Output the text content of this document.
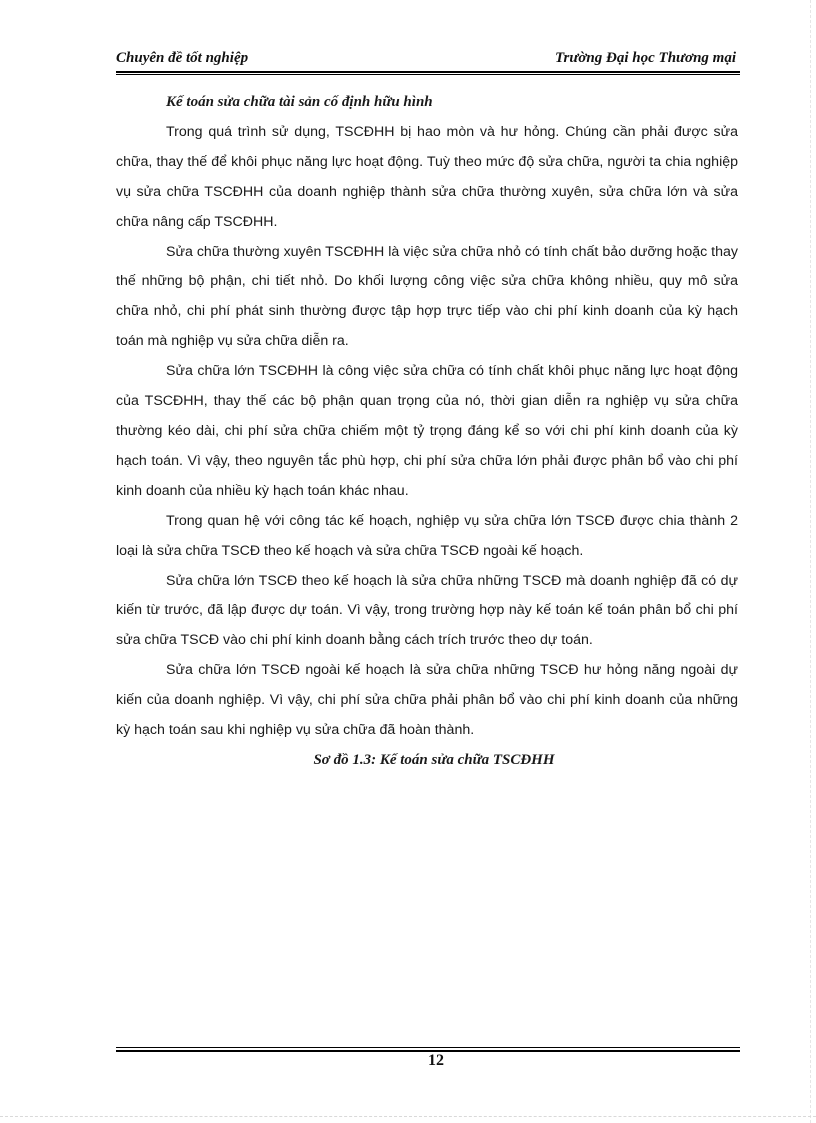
Chuyên đề tốt nghiệp	Trường Đại học Thương mại

Kế toán sửa chữa tài sản cố định hữu hình

Trong quá trình sử dụng, TSCĐHH bị hao mòn và hư hỏng. Chúng cần phải được sửa chữa, thay thế để khôi phục năng lực hoạt động. Tuỳ theo mức độ sửa chữa, người ta chia nghiệp vụ sửa chữa TSCĐHH của doanh nghiệp thành sửa chữa thường xuyên, sửa chữa lớn và sửa chữa nâng cấp TSCĐHH.

Sửa chữa thường xuyên TSCĐHH là việc sửa chữa nhỏ có tính chất bảo dưỡng hoặc thay thế những bộ phận, chi tiết nhỏ. Do khối lượng công việc sửa chữa không nhiều, quy mô sửa chữa nhỏ, chi phí phát sinh thường được tập hợp trực tiếp vào chi phí kinh doanh của kỳ hạch toán mà nghiệp vụ sửa chữa diễn ra.

Sửa chữa lớn TSCĐHH là công việc sửa chữa có tính chất khôi phục năng lực hoạt động của TSCĐHH, thay thế các bộ phận quan trọng của nó, thời gian diễn ra nghiệp vụ sửa chữa thường kéo dài, chi phí sửa chữa chiếm một tỷ trọng đáng kể so với chi phí kinh doanh của kỳ hạch toán. Vì vậy, theo nguyên tắc phù hợp, chi phí sửa chữa lớn phải được phân bổ vào chi phí kinh doanh của nhiều kỳ hạch toán khác nhau.

Trong quan hệ với công tác kế hoạch, nghiệp vụ sửa chữa lớn TSCĐ được chia thành 2 loại là sửa chữa TSCĐ theo kế hoạch và sửa chữa TSCĐ ngoài kế hoạch.

Sửa chữa lớn TSCĐ theo kế hoạch là sửa chữa những TSCĐ mà doanh nghiệp đã có dự kiến từ trước, đã lập được dự toán. Vì vậy, trong trường hợp này kế toán kế toán phân bổ chi phí sửa chữa TSCĐ vào chi phí kinh doanh bằng cách trích trước theo dự toán.

Sửa chữa lớn TSCĐ ngoài kế hoạch là sửa chữa những TSCĐ hư hỏng năng ngoài dự kiến của doanh nghiệp. Vì vậy, chi phí sửa chữa phải phân bổ vào chi phí kinh doanh của những kỳ hạch toán sau khi nghiệp vụ sửa chữa đã hoàn thành.

Sơ đồ 1.3: Kế toán sửa chữa TSCĐHH

12
